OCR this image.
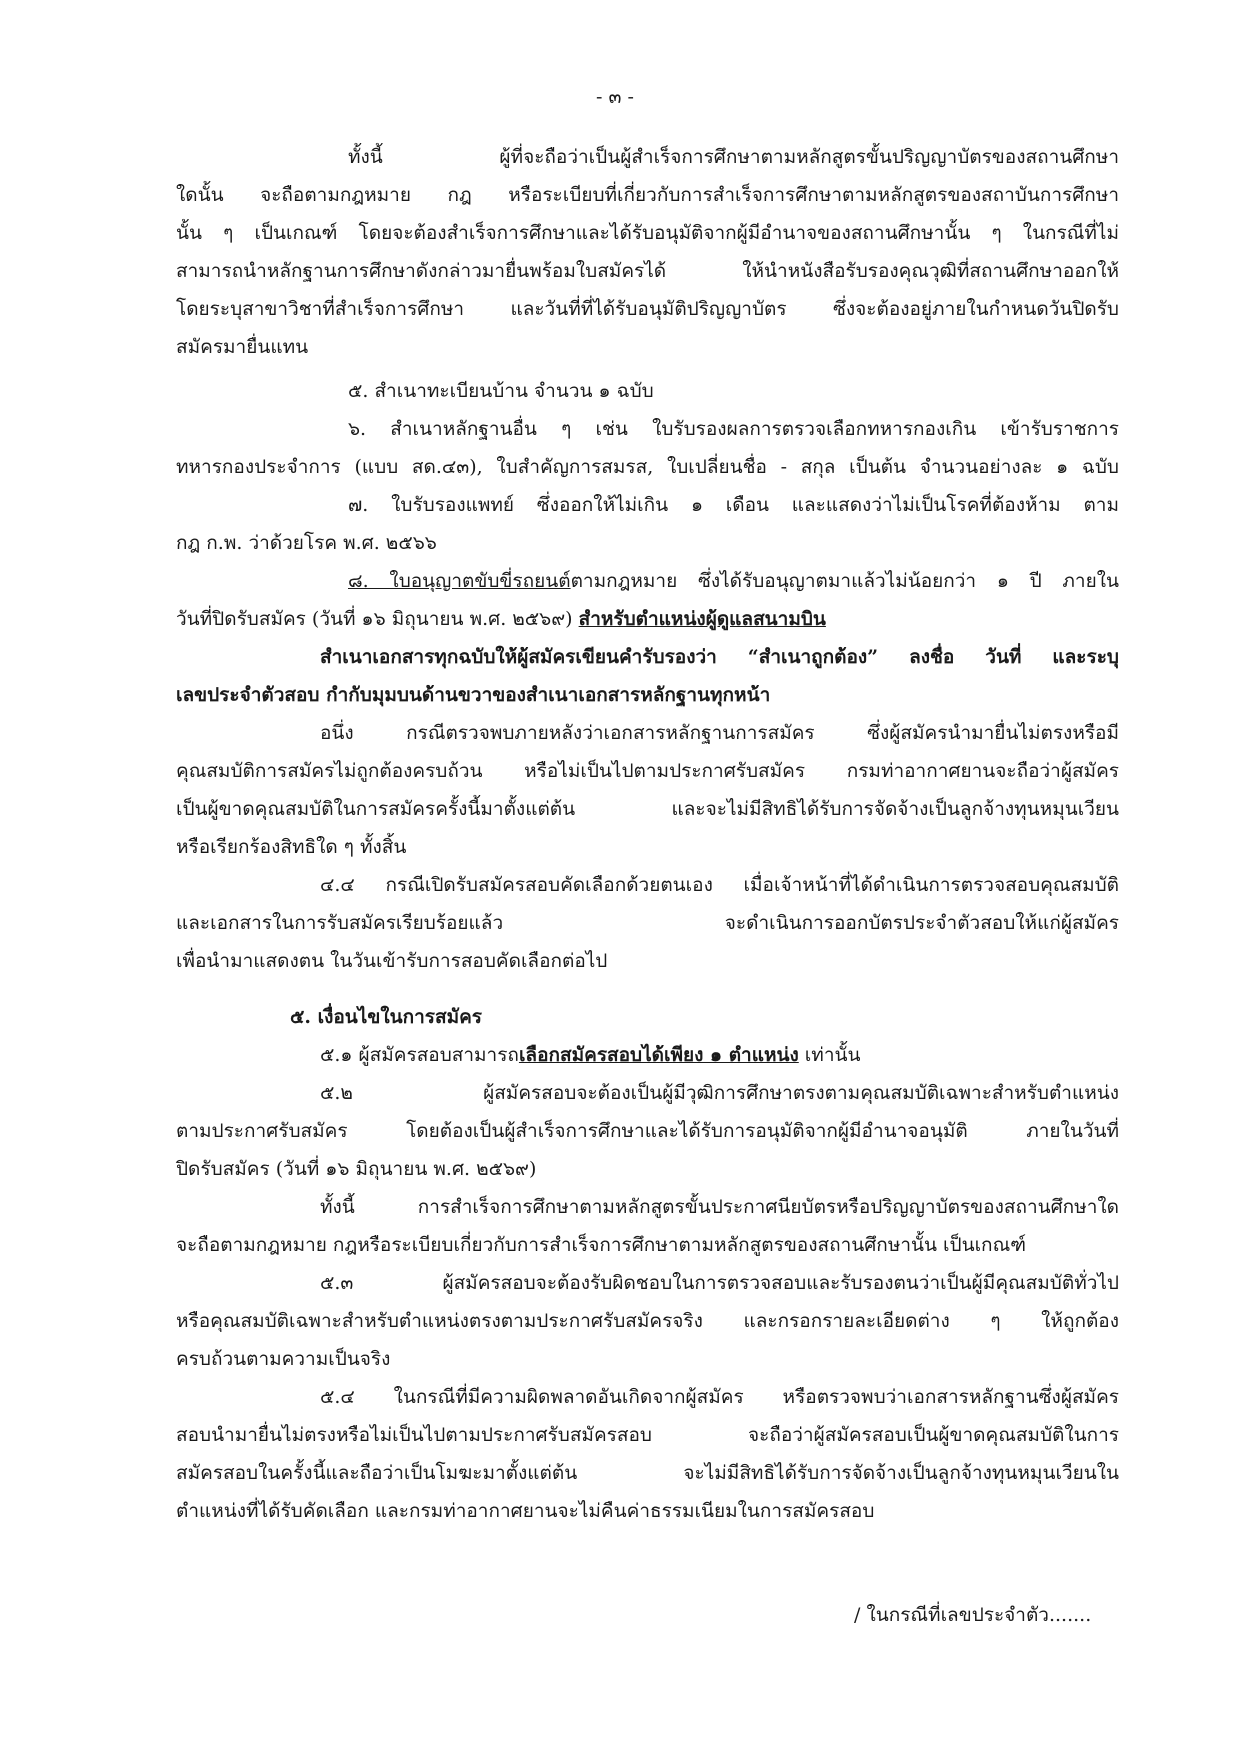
- ๓ -
ทั้งนี้ ผู้ที่จะถือว่าเป็นผู้สำเร็จการศึกษาตามหลักสูตรขั้นปริญญาบัตรของสถานศึกษา
ใดนั้น จะถือตามกฎหมาย กฎ หรือระเบียบที่เกี่ยวกับการสำเร็จการศึกษาตามหลักสูตรของสถาบันการศึกษา
นั้น ๆ เป็นเกณฑ์ โดยจะต้องสำเร็จการศึกษาและได้รับอนุมัติจากผู้มีอำนาจของสถานศึกษานั้น ๆ ในกรณีที่ไม่
สามารถนำหลักฐานการศึกษาดังกล่าวมายื่นพร้อมใบสมัครได้ ให้นำหนังสือรับรองคุณวุฒิที่สถานศึกษาออกให้
โดยระบุสาขาวิชาที่สำเร็จการศึกษา และวันที่ที่ได้รับอนุมัติปริญญาบัตร ซึ่งจะต้องอยู่ภายในกำหนดวันปิดรับ
สมัครมายื่นแทน
๕. สำเนาทะเบียนบ้าน จำนวน ๑ ฉบับ
๖. สำเนาหลักฐานอื่น ๆ เช่น ใบรับรองผลการตรวจเลือกทหารกองเกิน เข้ารับราชการ
ทหารกองประจำการ (แบบ สด.๔๓), ใบสำคัญการสมรส, ใบเปลี่ยนชื่อ - สกุล เป็นต้น จำนวนอย่างละ ๑ ฉบับ
๗. ใบรับรองแพทย์ ซึ่งออกให้ไม่เกิน ๑ เดือน และแสดงว่าไม่เป็นโรคที่ต้องห้าม ตาม
กฎ ก.พ. ว่าด้วยโรค พ.ศ. ๒๕๖๖
๘. ใบอนุญาตขับขี่รถยนต์ตามกฎหมาย ซึ่งได้รับอนุญาตมาแล้วไม่น้อยกว่า ๑ ปี ภายใน
วันที่ปิดรับสมัคร (วันที่ ๑๖ มิถุนายน พ.ศ. ๒๕๖๙) สำหรับตำแหน่งผู้ดูแลสนามบิน
สำเนาเอกสารทุกฉบับให้ผู้สมัครเขียนคำรับรองว่า “สำเนาถูกต้อง” ลงชื่อ วันที่ และระบุ
เลขประจำตัวสอบ กำกับมุมบนด้านขวาของสำเนาเอกสารหลักฐานทุกหน้า
อนึ่ง กรณีตรวจพบภายหลังว่าเอกสารหลักฐานการสมัคร ซึ่งผู้สมัครนำมายื่นไม่ตรงหรือมี
คุณสมบัติการสมัครไม่ถูกต้องครบถ้วน หรือไม่เป็นไปตามประกาศรับสมัคร กรมท่าอากาศยานจะถือว่าผู้สมัคร
เป็นผู้ขาดคุณสมบัติในการสมัครครั้งนี้มาตั้งแต่ต้น และจะไม่มีสิทธิได้รับการจัดจ้างเป็นลูกจ้างทุนหมุนเวียน
หรือเรียกร้องสิทธิใด ๆ ทั้งสิ้น
๔.๔ กรณีเปิดรับสมัครสอบคัดเลือกด้วยตนเอง เมื่อเจ้าหน้าที่ได้ดำเนินการตรวจสอบคุณสมบัติ
และเอกสารในการรับสมัครเรียบร้อยแล้ว จะดำเนินการออกบัตรประจำตัวสอบให้แก่ผู้สมัคร
เพื่อนำมาแสดงตน ในวันเข้ารับการสอบคัดเลือกต่อไป
๕. เงื่อนไขในการสมัคร
๕.๑ ผู้สมัครสอบสามารถเลือกสมัครสอบได้เพียง ๑ ตำแหน่ง เท่านั้น
๕.๒ ผู้สมัครสอบจะต้องเป็นผู้มีวุฒิการศึกษาตรงตามคุณสมบัติเฉพาะสำหรับตำแหน่ง
ตามประกาศรับสมัคร โดยต้องเป็นผู้สำเร็จการศึกษาและได้รับการอนุมัติจากผู้มีอำนาจอนุมัติ ภายในวันที่
ปิดรับสมัคร (วันที่ ๑๖ มิถุนายน พ.ศ. ๒๕๖๙)
ทั้งนี้ การสำเร็จการศึกษาตามหลักสูตรขั้นประกาศนียบัตรหรือปริญญาบัตรของสถานศึกษาใด
จะถือตามกฎหมาย กฎหรือระเบียบเกี่ยวกับการสำเร็จการศึกษาตามหลักสูตรของสถานศึกษานั้น เป็นเกณฑ์
๕.๓ ผู้สมัครสอบจะต้องรับผิดชอบในการตรวจสอบและรับรองตนว่าเป็นผู้มีคุณสมบัติทั่วไป
หรือคุณสมบัติเฉพาะสำหรับตำแหน่งตรงตามประกาศรับสมัครจริง และกรอกรายละเอียดต่าง ๆ ให้ถูกต้อง
ครบถ้วนตามความเป็นจริง
๕.๔ ในกรณีที่มีความผิดพลาดอันเกิดจากผู้สมัคร หรือตรวจพบว่าเอกสารหลักฐานซึ่งผู้สมัคร
สอบนำมายื่นไม่ตรงหรือไม่เป็นไปตามประกาศรับสมัครสอบ จะถือว่าผู้สมัครสอบเป็นผู้ขาดคุณสมบัติในการ
สมัครสอบในครั้งนี้และถือว่าเป็นโมฆะมาตั้งแต่ต้น จะไม่มีสิทธิได้รับการจัดจ้างเป็นลูกจ้างทุนหมุนเวียนใน
ตำแหน่งที่ได้รับคัดเลือก และกรมท่าอากาศยานจะไม่คืนค่าธรรมเนียมในการสมัครสอบ
/ ในกรณีที่เลขประจำตัว.......
